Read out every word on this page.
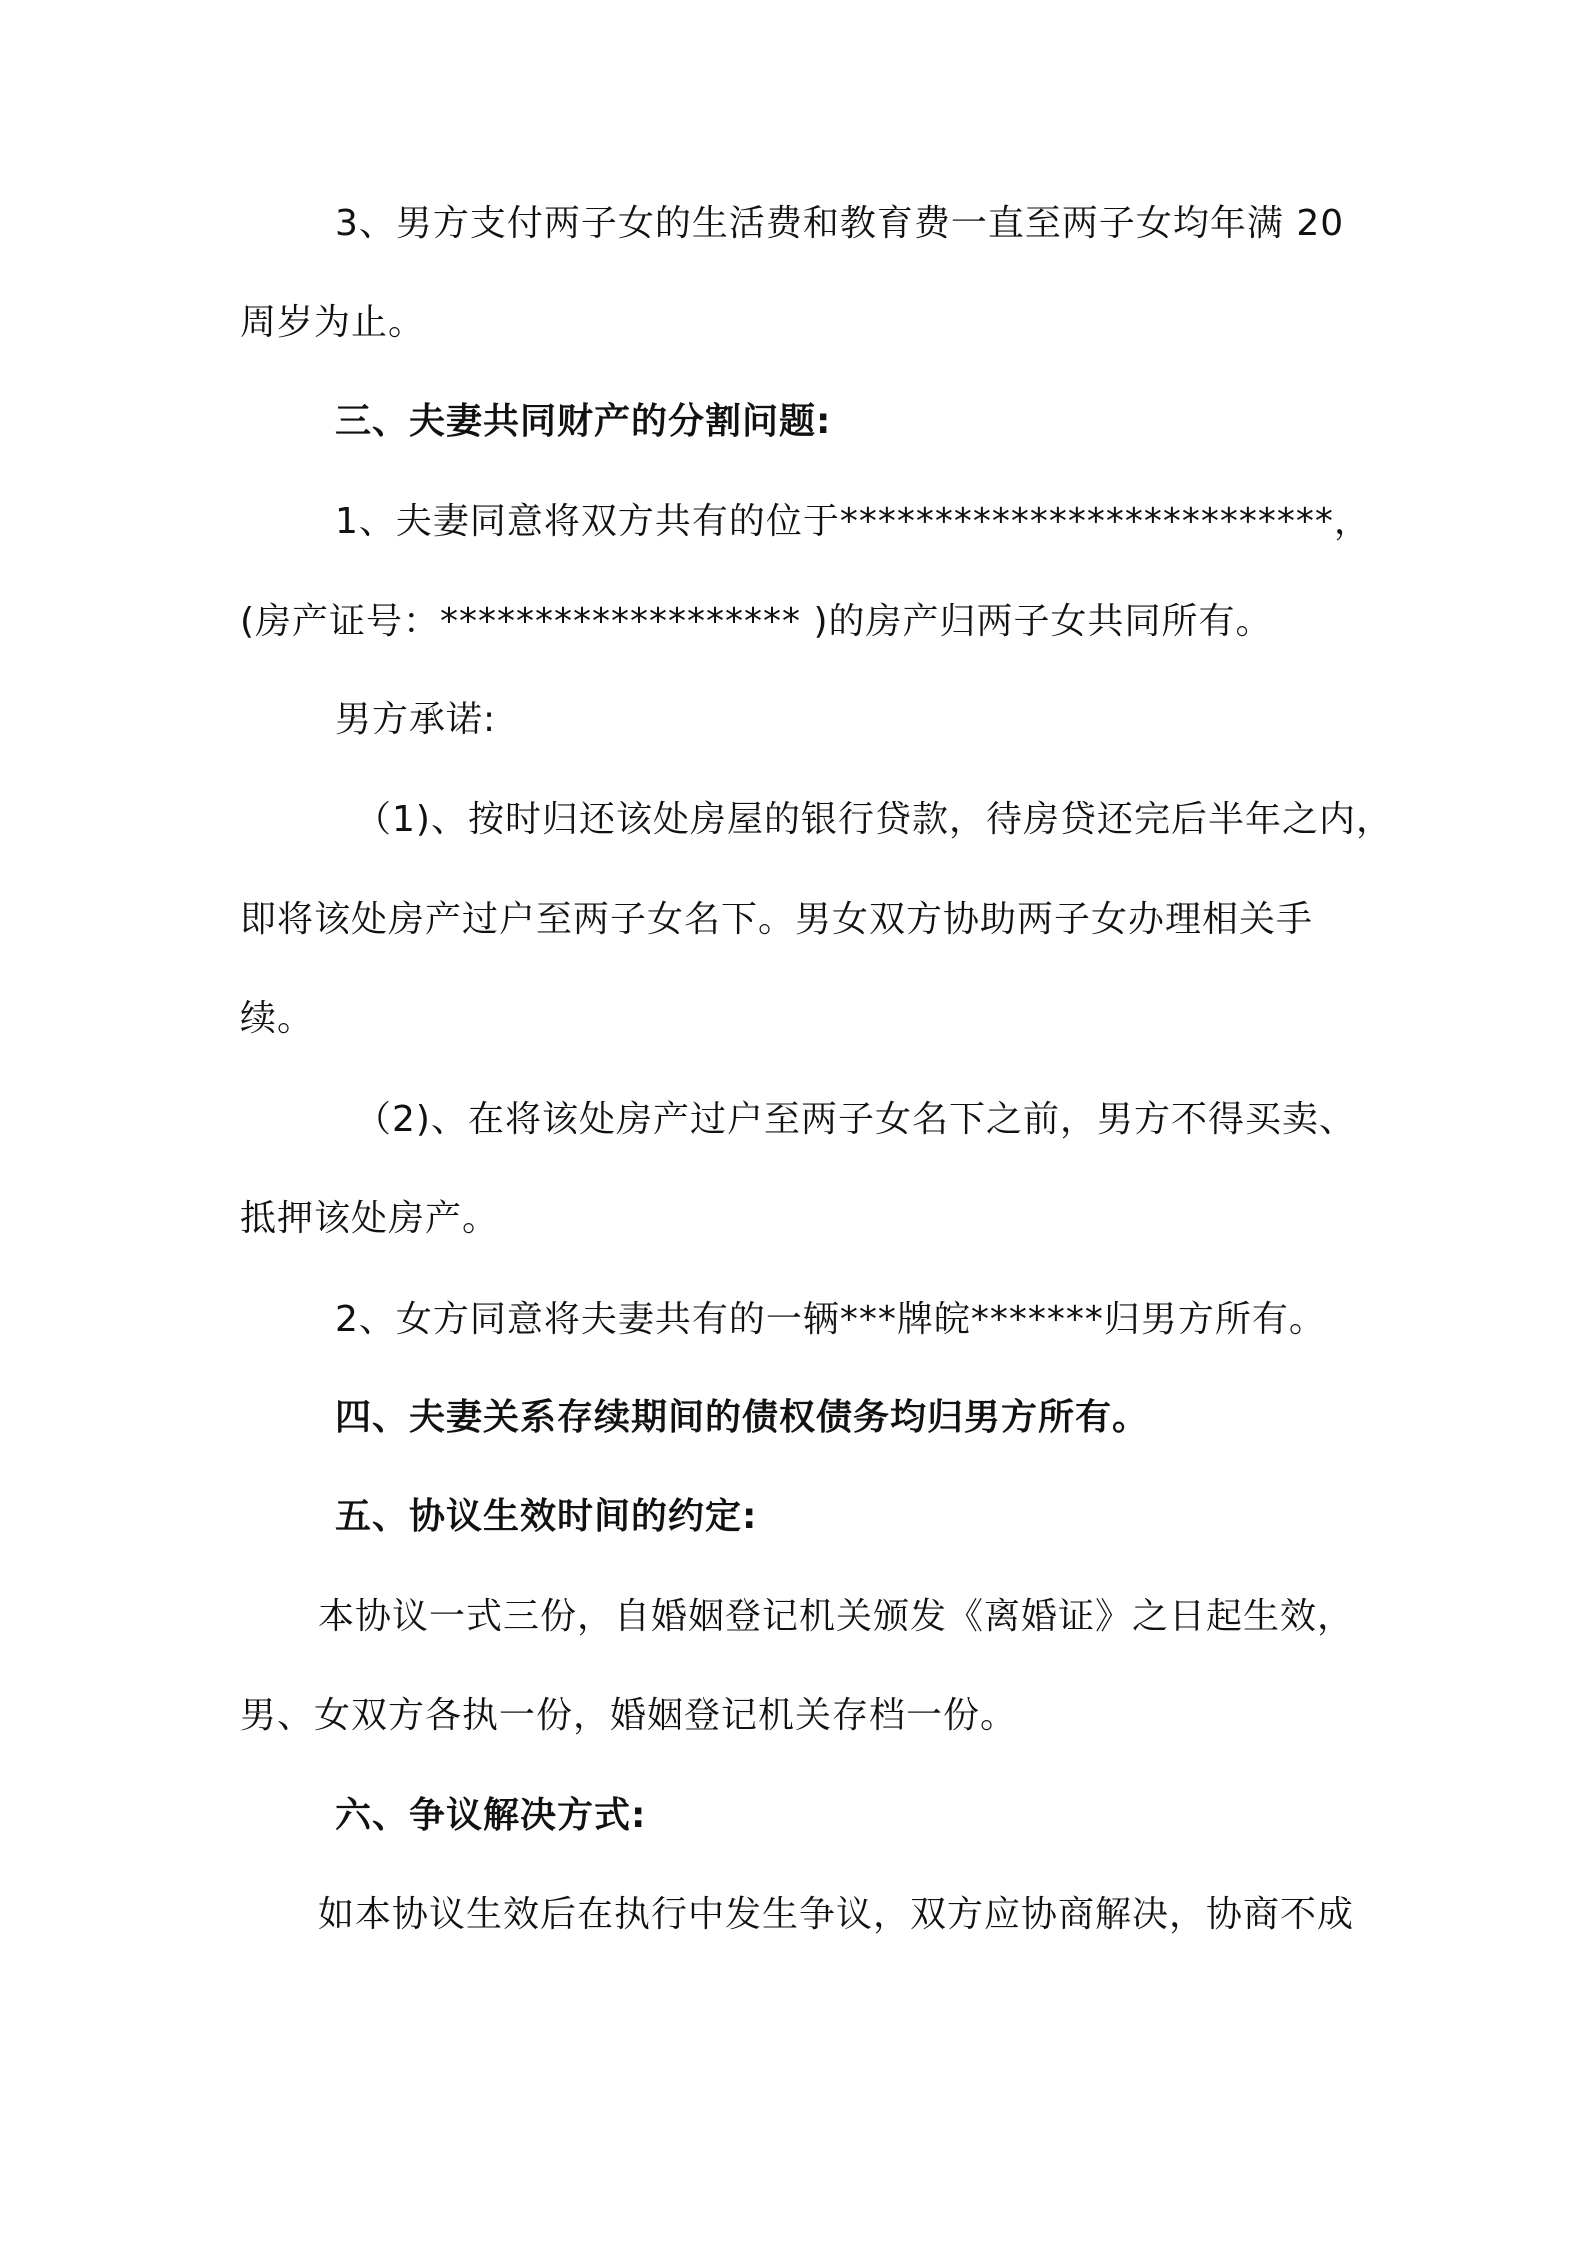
3、男方支付两子女的生活费和教育费一直至两子女均年满 20
周岁为止。
三、夫妻共同财产的分割问题:
1、夫妻同意将双方共有的位于**************************，
(房产证号：******************* )的房产归两子女共同所有。
男方承诺:
（1)、按时归还该处房屋的银行贷款，待房贷还完后半年之内，
即将该处房产过户至两子女名下。男女双方协助两子女办理相关手
续。
（2)、在将该处房产过户至两子女名下之前，男方不得买卖、
抵押该处房产。
2、女方同意将夫妻共有的一辆***牌皖*******归男方所有。
四、夫妻关系存续期间的债权债务均归男方所有。
五、协议生效时间的约定:
本协议一式三份，自婚姻登记机关颁发《离婚证》之日起生效，
男、女双方各执一份，婚姻登记机关存档一份。
六、争议解决方式:
如本协议生效后在执行中发生争议，双方应协商解决，协商不成
